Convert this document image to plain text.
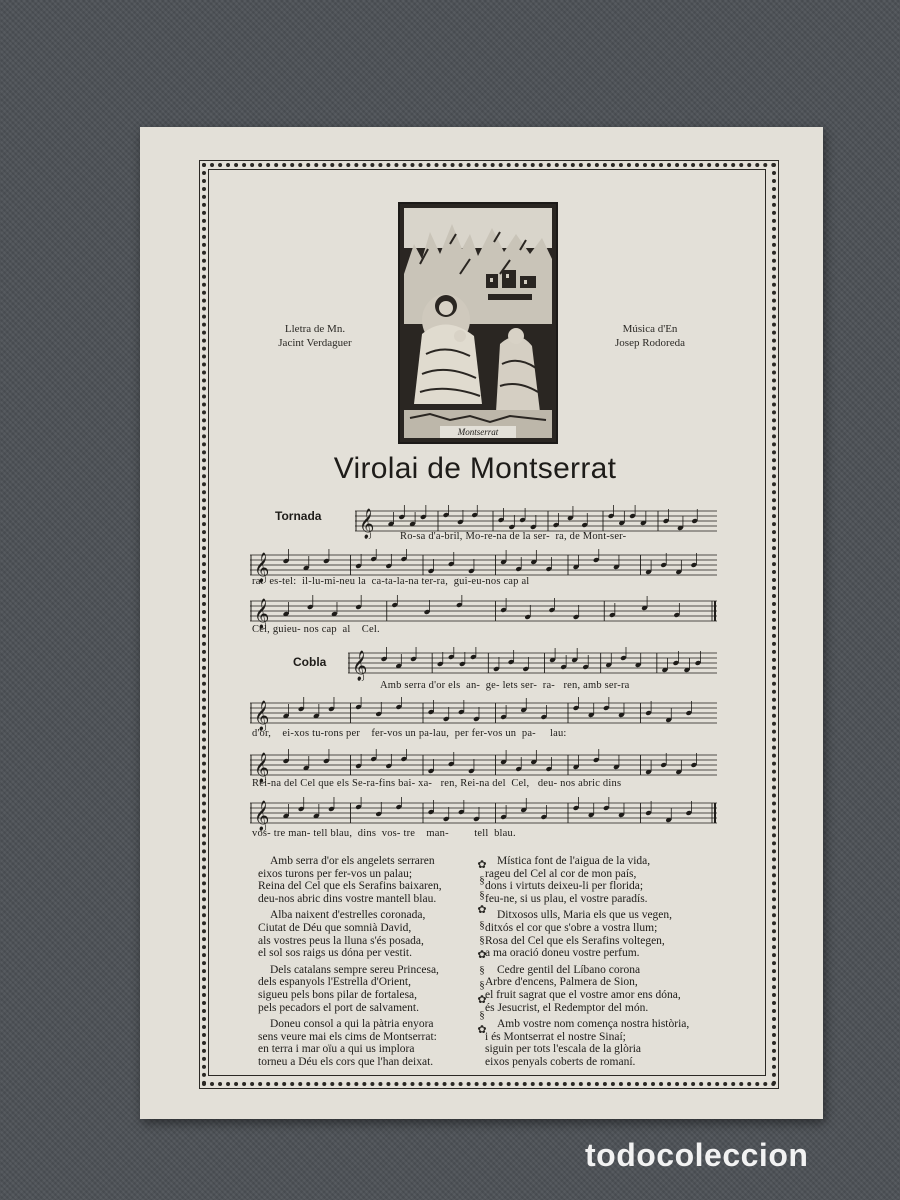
Lletra de Mn.
Jacint Verdaguer
Música d'En
Josep Rodoreda
Montserrat
Virolai de Montserrat
Tornada
Cobla
𝄞
𝄞
𝄞
𝄞
𝄞
𝄞
𝄞
Ro-sa d'a-bril, Mo-re-na de la ser-  ra, de Mont-ser-
rat  es-tel:  il-lu-mi-neu la  ca-ta-la-na ter-ra,  gui-eu-nos cap al
Cel, guieu- nos cap  al    Cel.
Amb serra d'or els  an-  ge- lets ser-  ra-   ren, amb ser-ra
d'or,    ei-xos tu-rons per    fer-vos un pa-lau,  per fer-vos un  pa-     lau:
Rei-na del Cel que els Se-ra-fins bai- xa-   ren, Rei-na del  Cel,   deu- nos abric dins
vos- tre man- tell blau,  dins  vos- tre    man-         tell  blau.
Amb serra d'or els angelets serraren
eixos turons per fer-vos un palau;
Reina del Cel que els Serafins baixaren,
deu-nos abric dins vostre mantell blau.
Alba naixent d'estrelles coronada,
Ciutat de Déu que somnià David,
als vostres peus la lluna s'és posada,
el sol sos raigs us dóna per vestit.
Dels catalans sempre sereu Princesa,
dels espanyols l'Estrella d'Orient,
sigueu pels bons pilar de fortalesa,
pels pecadors el port de salvament.
Doneu consol a qui la pàtria enyora
sens veure mai els cims de Montserrat:
en terra i mar oïu a qui us implora
torneu a Déu els cors que l'han deixat.
✿
§
§
✿
§
§
✿
§
§
✿
§
✿
Mística font de l'aigua de la vida,
rageu del Cel al cor de mon país,
dons i virtuts deixeu-li per florida;
feu-ne, si us plau, el vostre paradís.
Ditxosos ulls, Maria els que us vegen,
ditxós el cor que s'obre a vostra llum;
Rosa del Cel que els Serafins voltegen,
a ma oració doneu vostre perfum.
Cedre gentil del Líbano corona
Arbre d'encens, Palmera de Sion,
el fruit sagrat que el vostre amor ens dóna,
és Jesucrist, el Redemptor del món.
Amb vostre nom comença nostra història,
i és Montserrat el nostre Sinaí;
siguin per tots l'escala de la glòria
eixos penyals coberts de romaní.
todocoleccion
